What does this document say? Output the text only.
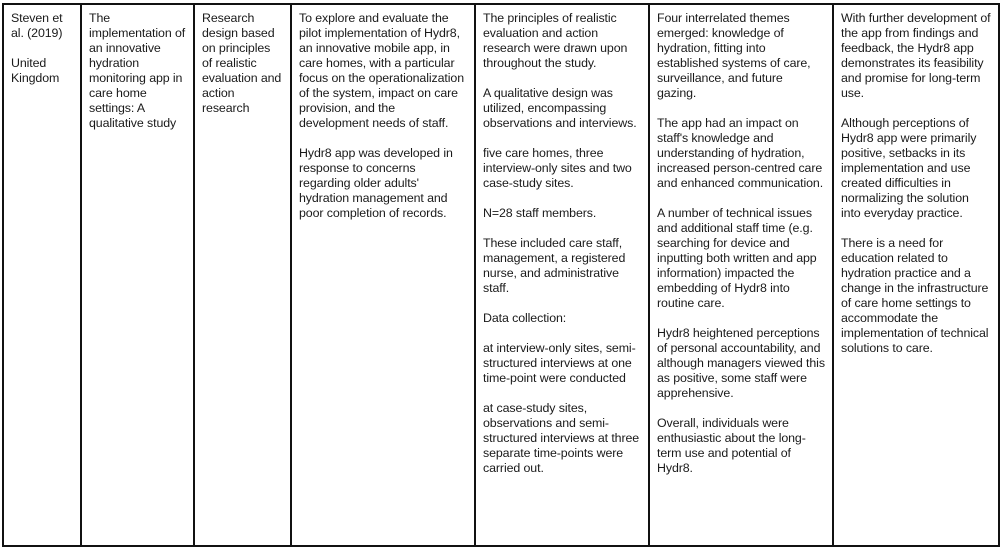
Steven et al. (2019)
United Kingdom

The implementation of an innovative hydration monitoring app in care home settings: A qualitative study

Research design based on principles of realistic evaluation and action research

To explore and evaluate the pilot implementation of Hydr8, an innovative mobile app, in care homes, with a particular focus on the operationalization of the system, impact on care provision, and the development needs of staff.
Hydr8 app was developed in response to concerns regarding older adults' hydration management and poor completion of records.

The principles of realistic evaluation and action research were drawn upon throughout the study.
A qualitative design was utilized, encompassing observations and interviews.
five care homes, three interview-only sites and two case-study sites.
N=28 staff members.
These included care staff, management, a registered nurse, and administrative staff.
Data collection:
at interview-only sites, semi-structured interviews at one time-point were conducted
at case-study sites, observations and semi-structured interviews at three separate time-points were carried out.

Four interrelated themes emerged: knowledge of hydration, fitting into established systems of care, surveillance, and future gazing.
The app had an impact on staff's knowledge and understanding of hydration, increased person-centred care and enhanced communication.
A number of technical issues and additional staff time (e.g. searching for device and inputting both written and app information) impacted the embedding of Hydr8 into routine care.
Hydr8 heightened perceptions of personal accountability, and although managers viewed this as positive, some staff were apprehensive.
Overall, individuals were enthusiastic about the long-term use and potential of Hydr8.

With further development of the app from findings and feedback, the Hydr8 app demonstrates its feasibility and promise for long-term use.
Although perceptions of Hydr8 app were primarily positive, setbacks in its implementation and use created difficulties in normalizing the solution into everyday practice.
There is a need for education related to hydration practice and a change in the infrastructure of care home settings to accommodate the implementation of technical solutions to care.
